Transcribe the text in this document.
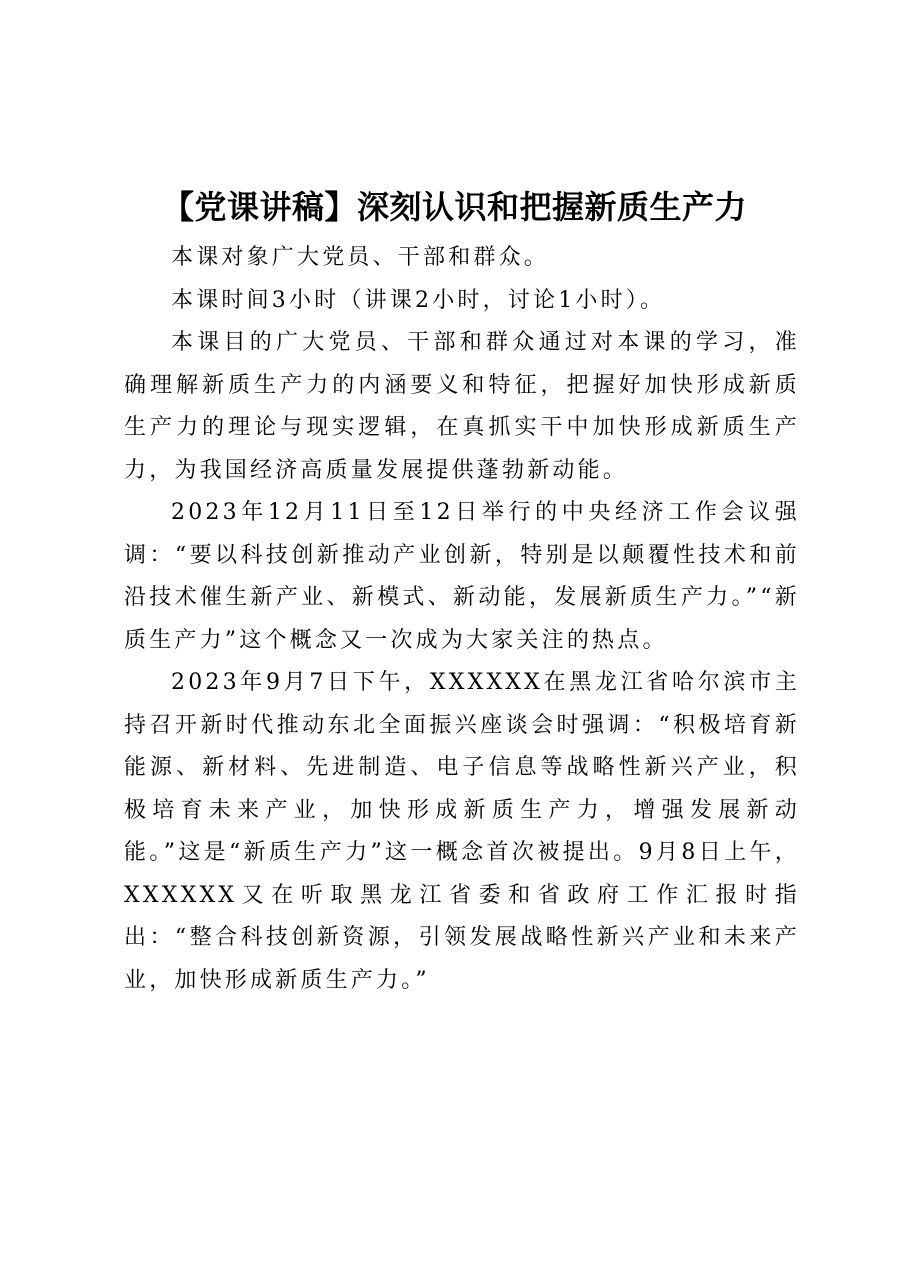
【党课讲稿】深刻认识和把握新质生产力

本课对象广大党员、干部和群众。

本课时间3小时（讲课2小时，讨论1小时）。

本课目的广大党员、干部和群众通过对本课的学习，准确理解新质生产力的内涵要义和特征，把握好加快形成新质生产力的理论与现实逻辑，在真抓实干中加快形成新质生产力，为我国经济高质量发展提供蓬勃新动能。

2023年12月11日至12日举行的中央经济工作会议强调：“要以科技创新推动产业创新，特别是以颠覆性技术和前沿技术催生新产业、新模式、新动能，发展新质生产力。”“新质生产力”这个概念又一次成为大家关注的热点。

2023年9月7日下午，XXXXXX在黑龙江省哈尔滨市主持召开新时代推动东北全面振兴座谈会时强调：“积极培育新能源、新材料、先进制造、电子信息等战略性新兴产业，积极培育未来产业，加快形成新质生产力，增强发展新动能。”这是“新质生产力”这一概念首次被提出。9月8日上午，XXXXXX又在听取黑龙江省委和省政府工作汇报时指出：“整合科技创新资源，引领发展战略性新兴产业和未来产业，加快形成新质生产力。”
